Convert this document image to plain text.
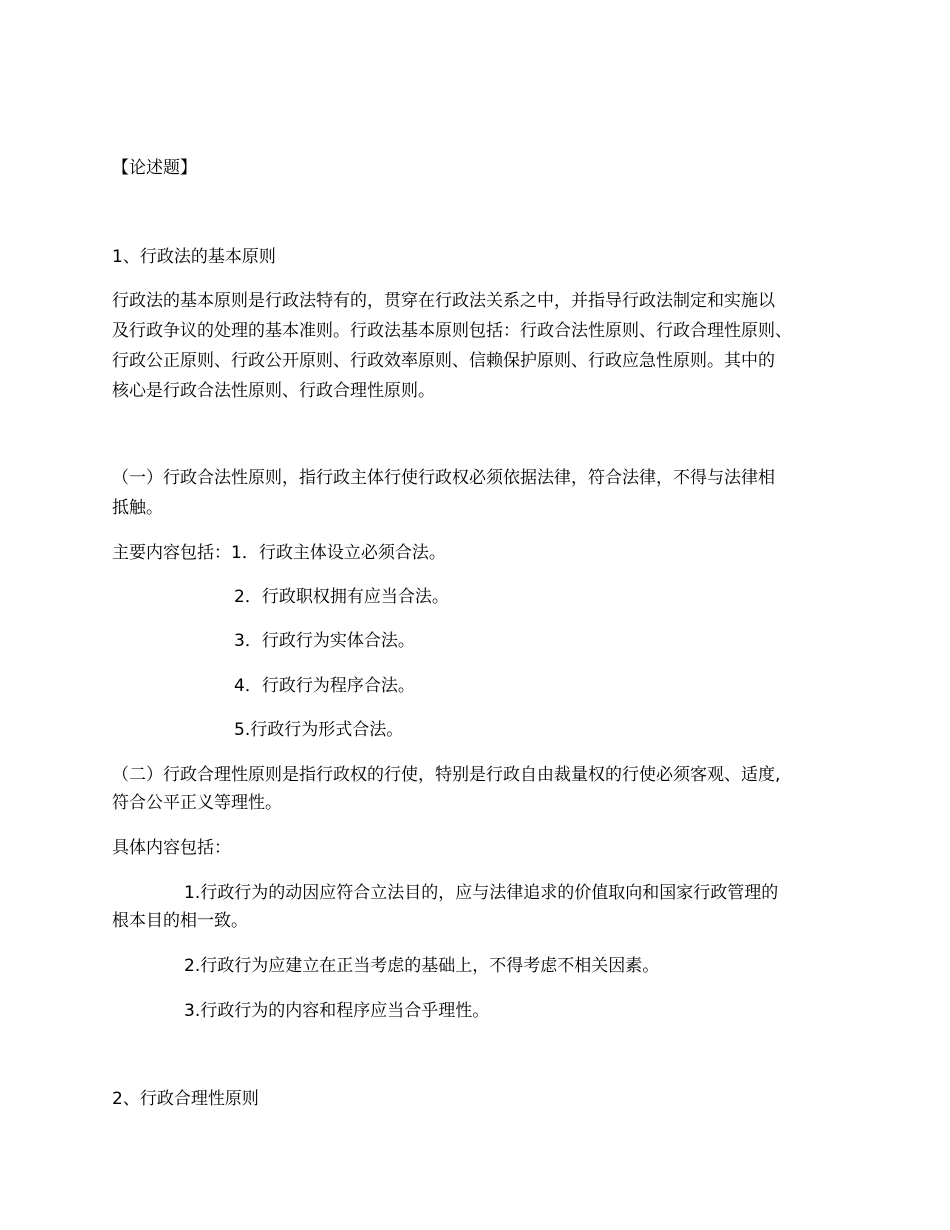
【论述题】
1、行政法的基本原则
行政法的基本原则是行政法特有的，贯穿在行政法关系之中，并指导行政法制定和实施以
及行政争议的处理的基本准则。行政法基本原则包括：行政合法性原则、行政合理性原则、
行政公正原则、行政公开原则、行政效率原则、信赖保护原则、行政应急性原则。其中的
核心是行政合法性原则、行政合理性原则。
（一）行政合法性原则，指行政主体行使行政权必须依据法律，符合法律，不得与法律相
抵触。
主要内容包括：1．行政主体设立必须合法。
2．行政职权拥有应当合法。
3．行政行为实体合法。
4．行政行为程序合法。
5.行政行为形式合法。
（二）行政合理性原则是指行政权的行使，特别是行政自由裁量权的行使必须客观、适度,
符合公平正义等理性。
具体内容包括：
1.行政行为的动因应符合立法目的，应与法律追求的价值取向和国家行政管理的
根本目的相一致。
2.行政行为应建立在正当考虑的基础上，不得考虑不相关因素。
3.行政行为的内容和程序应当合乎理性。
2、行政合理性原则
